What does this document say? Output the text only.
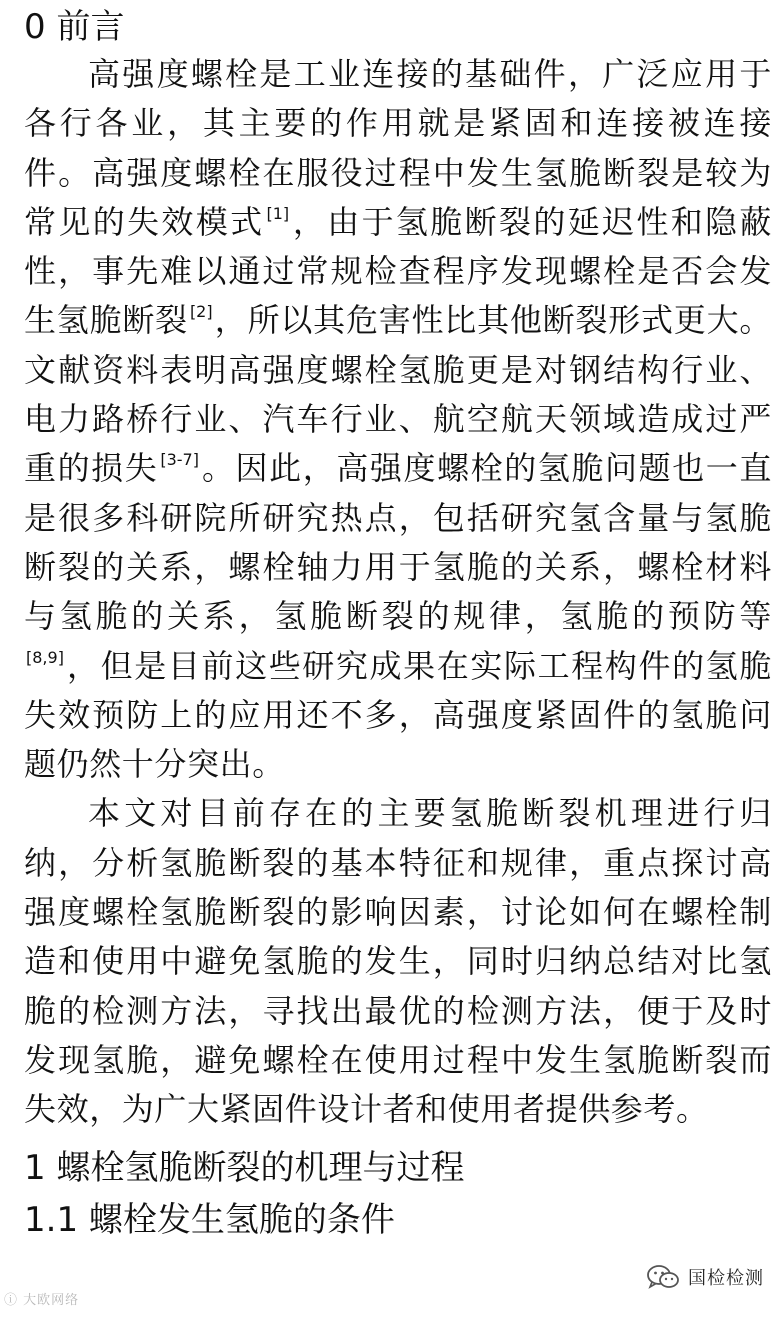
0 前言

高强度螺栓是工业连接的基础件，广泛应用于各行各业，其主要的作用就是紧固和连接被连接件。高强度螺栓在服役过程中发生氢脆断裂是较为常见的失效模式 [1]，由于氢脆断裂的延迟性和隐蔽性，事先难以通过常规检查程序发现螺栓是否会发生氢脆断裂 [2]，所以其危害性比其他断裂形式更大。文献资料表明高强度螺栓氢脆更是对钢结构行业、电力路桥行业、汽车行业、航空航天领域造成过严重的损失 [3-7]。因此，高强度螺栓的氢脆问题也一直是很多科研院所研究热点，包括研究氢含量与氢脆断裂的关系，螺栓轴力用于氢脆的关系，螺栓材料与氢脆的关系，氢脆断裂的规律，氢脆的预防等[8,9]，但是目前这些研究成果在实际工程构件的氢脆失效预防上的应用还不多，高强度紧固件的氢脆问题仍然十分突出。

本文对目前存在的主要氢脆断裂机理进行归纳，分析氢脆断裂的基本特征和规律，重点探讨高强度螺栓氢脆断裂的影响因素，讨论如何在螺栓制造和使用中避免氢脆的发生，同时归纳总结对比氢脆的检测方法，寻找出最优的检测方法，便于及时发现氢脆，避免螺栓在使用过程中发生氢脆断裂而失效，为广大紧固件设计者和使用者提供参考。

1 螺栓氢脆断裂的机理与过程
1.1 螺栓发生氢脆的条件
ⓘ 大欧网络
国检检测
